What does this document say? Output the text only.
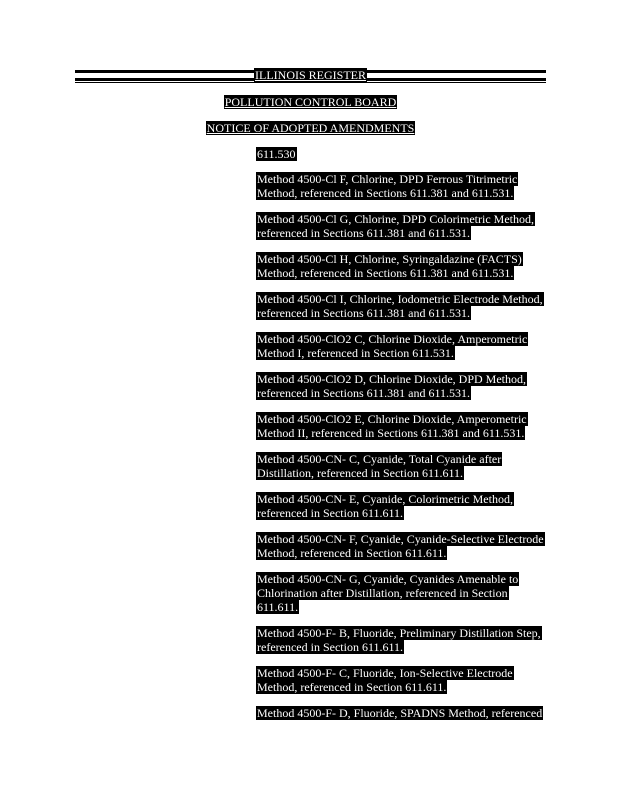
ILLINOIS REGISTER
POLLUTION CONTROL BOARD
NOTICE OF ADOPTED AMENDMENTS
611.530
Method 4500-Cl F, Chlorine, DPD Ferrous Titrimetric Method, referenced in Sections 611.381 and 611.531.
Method 4500-Cl G, Chlorine, DPD Colorimetric Method, referenced in Sections 611.381 and 611.531.
Method 4500-Cl H, Chlorine, Syringaldazine (FACTS) Method, referenced in Sections 611.381 and 611.531.
Method 4500-Cl I, Chlorine, Iodometric Electrode Method, referenced in Sections 611.381 and 611.531.
Method 4500-ClO2 C, Chlorine Dioxide, Amperometric Method I, referenced in Section 611.531.
Method 4500-ClO2 D, Chlorine Dioxide, DPD Method, referenced in Sections 611.381 and 611.531.
Method 4500-ClO2 E, Chlorine Dioxide, Amperometric Method II, referenced in Sections 611.381 and 611.531.
Method 4500-CN- C, Cyanide, Total Cyanide after Distillation, referenced in Section 611.611.
Method 4500-CN- E, Cyanide, Colorimetric Method, referenced in Section 611.611.
Method 4500-CN- F, Cyanide, Cyanide-Selective Electrode Method, referenced in Section 611.611.
Method 4500-CN- G, Cyanide, Cyanides Amenable to Chlorination after Distillation, referenced in Section 611.611.
Method 4500-F- B, Fluoride, Preliminary Distillation Step, referenced in Section 611.611.
Method 4500-F- C, Fluoride, Ion-Selective Electrode Method, referenced in Section 611.611.
Method 4500-F- D, Fluoride, SPADNS Method, referenced
